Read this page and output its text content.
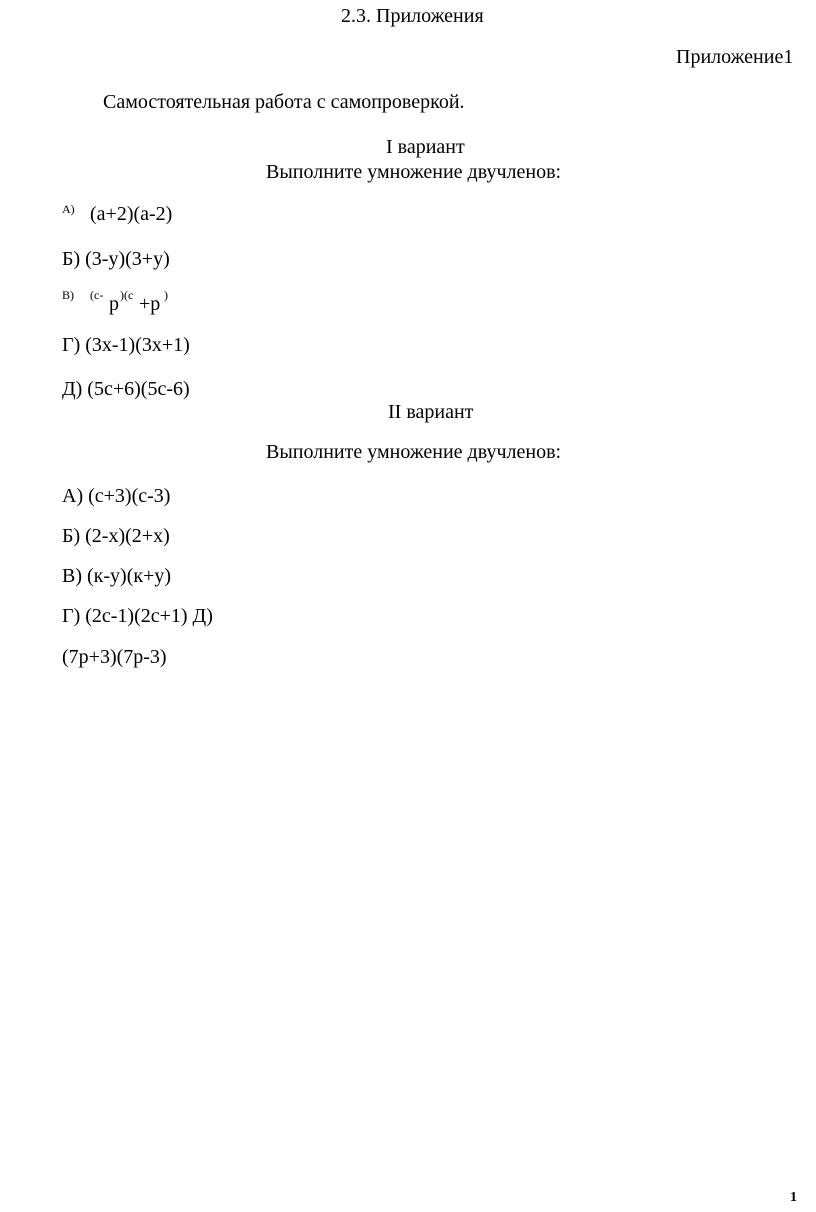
2.3. Приложения
Приложение1
Самостоятельная работа с самопроверкой.
I вариант
Выполните умножение двучленов:
А) (а+2)(а-2)
Б) (3-у)(3+у)
В) (с- р )(с +р )
Г) (3х-1)(3х+1)
Д) (5с+6)(5с-6)
II вариант
Выполните умножение двучленов:
А) (с+3)(с-3)
Б) (2-х)(2+х)
В) (к-у)(к+у)
Г) (2с-1)(2с+1) Д)
(7р+3)(7р-3)
1
